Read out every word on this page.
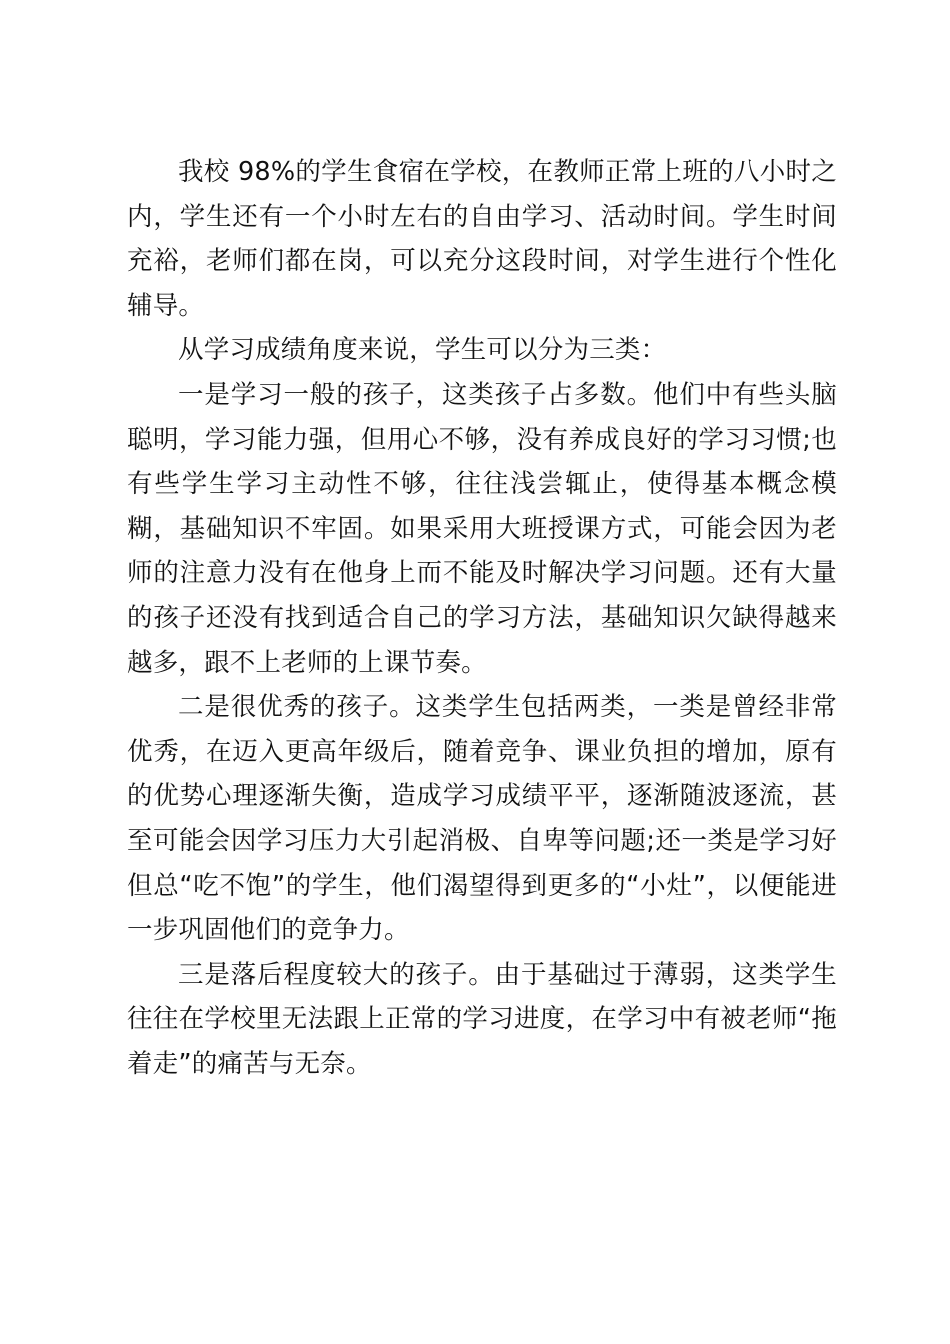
我校 98%的学生食宿在学校，在教师正常上班的八小时之内，学生还有一个小时左右的自由学习、活动时间。学生时间充裕，老师们都在岗，可以充分这段时间，对学生进行个性化辅导。

从学习成绩角度来说，学生可以分为三类：

一是学习一般的孩子，这类孩子占多数。他们中有些头脑聪明，学习能力强，但用心不够，没有养成良好的学习习惯;也有些学生学习主动性不够，往往浅尝辄止，使得基本概念模糊，基础知识不牢固。如果采用大班授课方式，可能会因为老师的注意力没有在他身上而不能及时解决学习问题。还有大量的孩子还没有找到适合自己的学习方法，基础知识欠缺得越来越多，跟不上老师的上课节奏。

二是很优秀的孩子。这类学生包括两类，一类是曾经非常优秀，在迈入更高年级后，随着竞争、课业负担的增加，原有的优势心理逐渐失衡，造成学习成绩平平，逐渐随波逐流，甚至可能会因学习压力大引起消极、自卑等问题;还一类是学习好但总“吃不饱”的学生，他们渴望得到更多的“小灶”，以便能进一步巩固他们的竞争力。

三是落后程度较大的孩子。由于基础过于薄弱，这类学生往往在学校里无法跟上正常的学习进度，在学习中有被老师“拖着走”的痛苦与无奈。
